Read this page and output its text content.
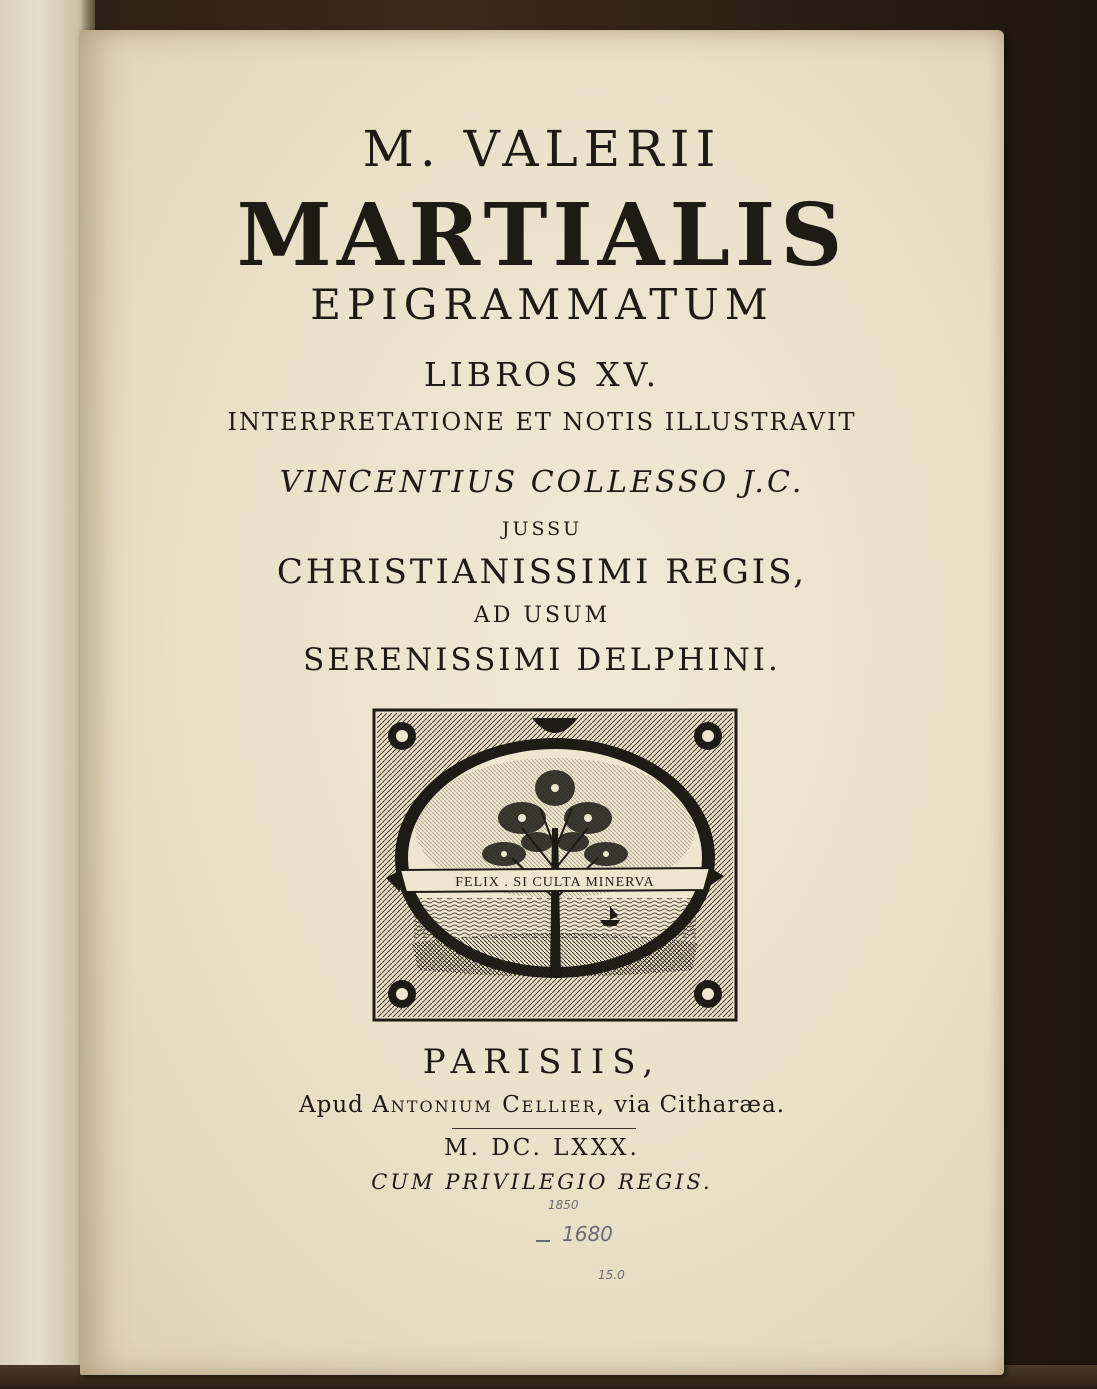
M. VALERII
MARTIALIS
EPIGRAMMATUM
LIBROS XV.
INTERPRETATIONE ET NOTIS ILLUSTRAVIT
VINCENTIUS COLLESSO J.C.
JUSSU
CHRISTIANISSIMI REGIS,
AD USUM
SERENISSIMI DELPHINI.
FELIX . SI CULTA MINERVA
PARISIIS,
Apud Antonium Cellier, via Citharæa.
M. DC. LXXX.
CUM PRIVILEGIO REGIS.
1850
1680
15.0
